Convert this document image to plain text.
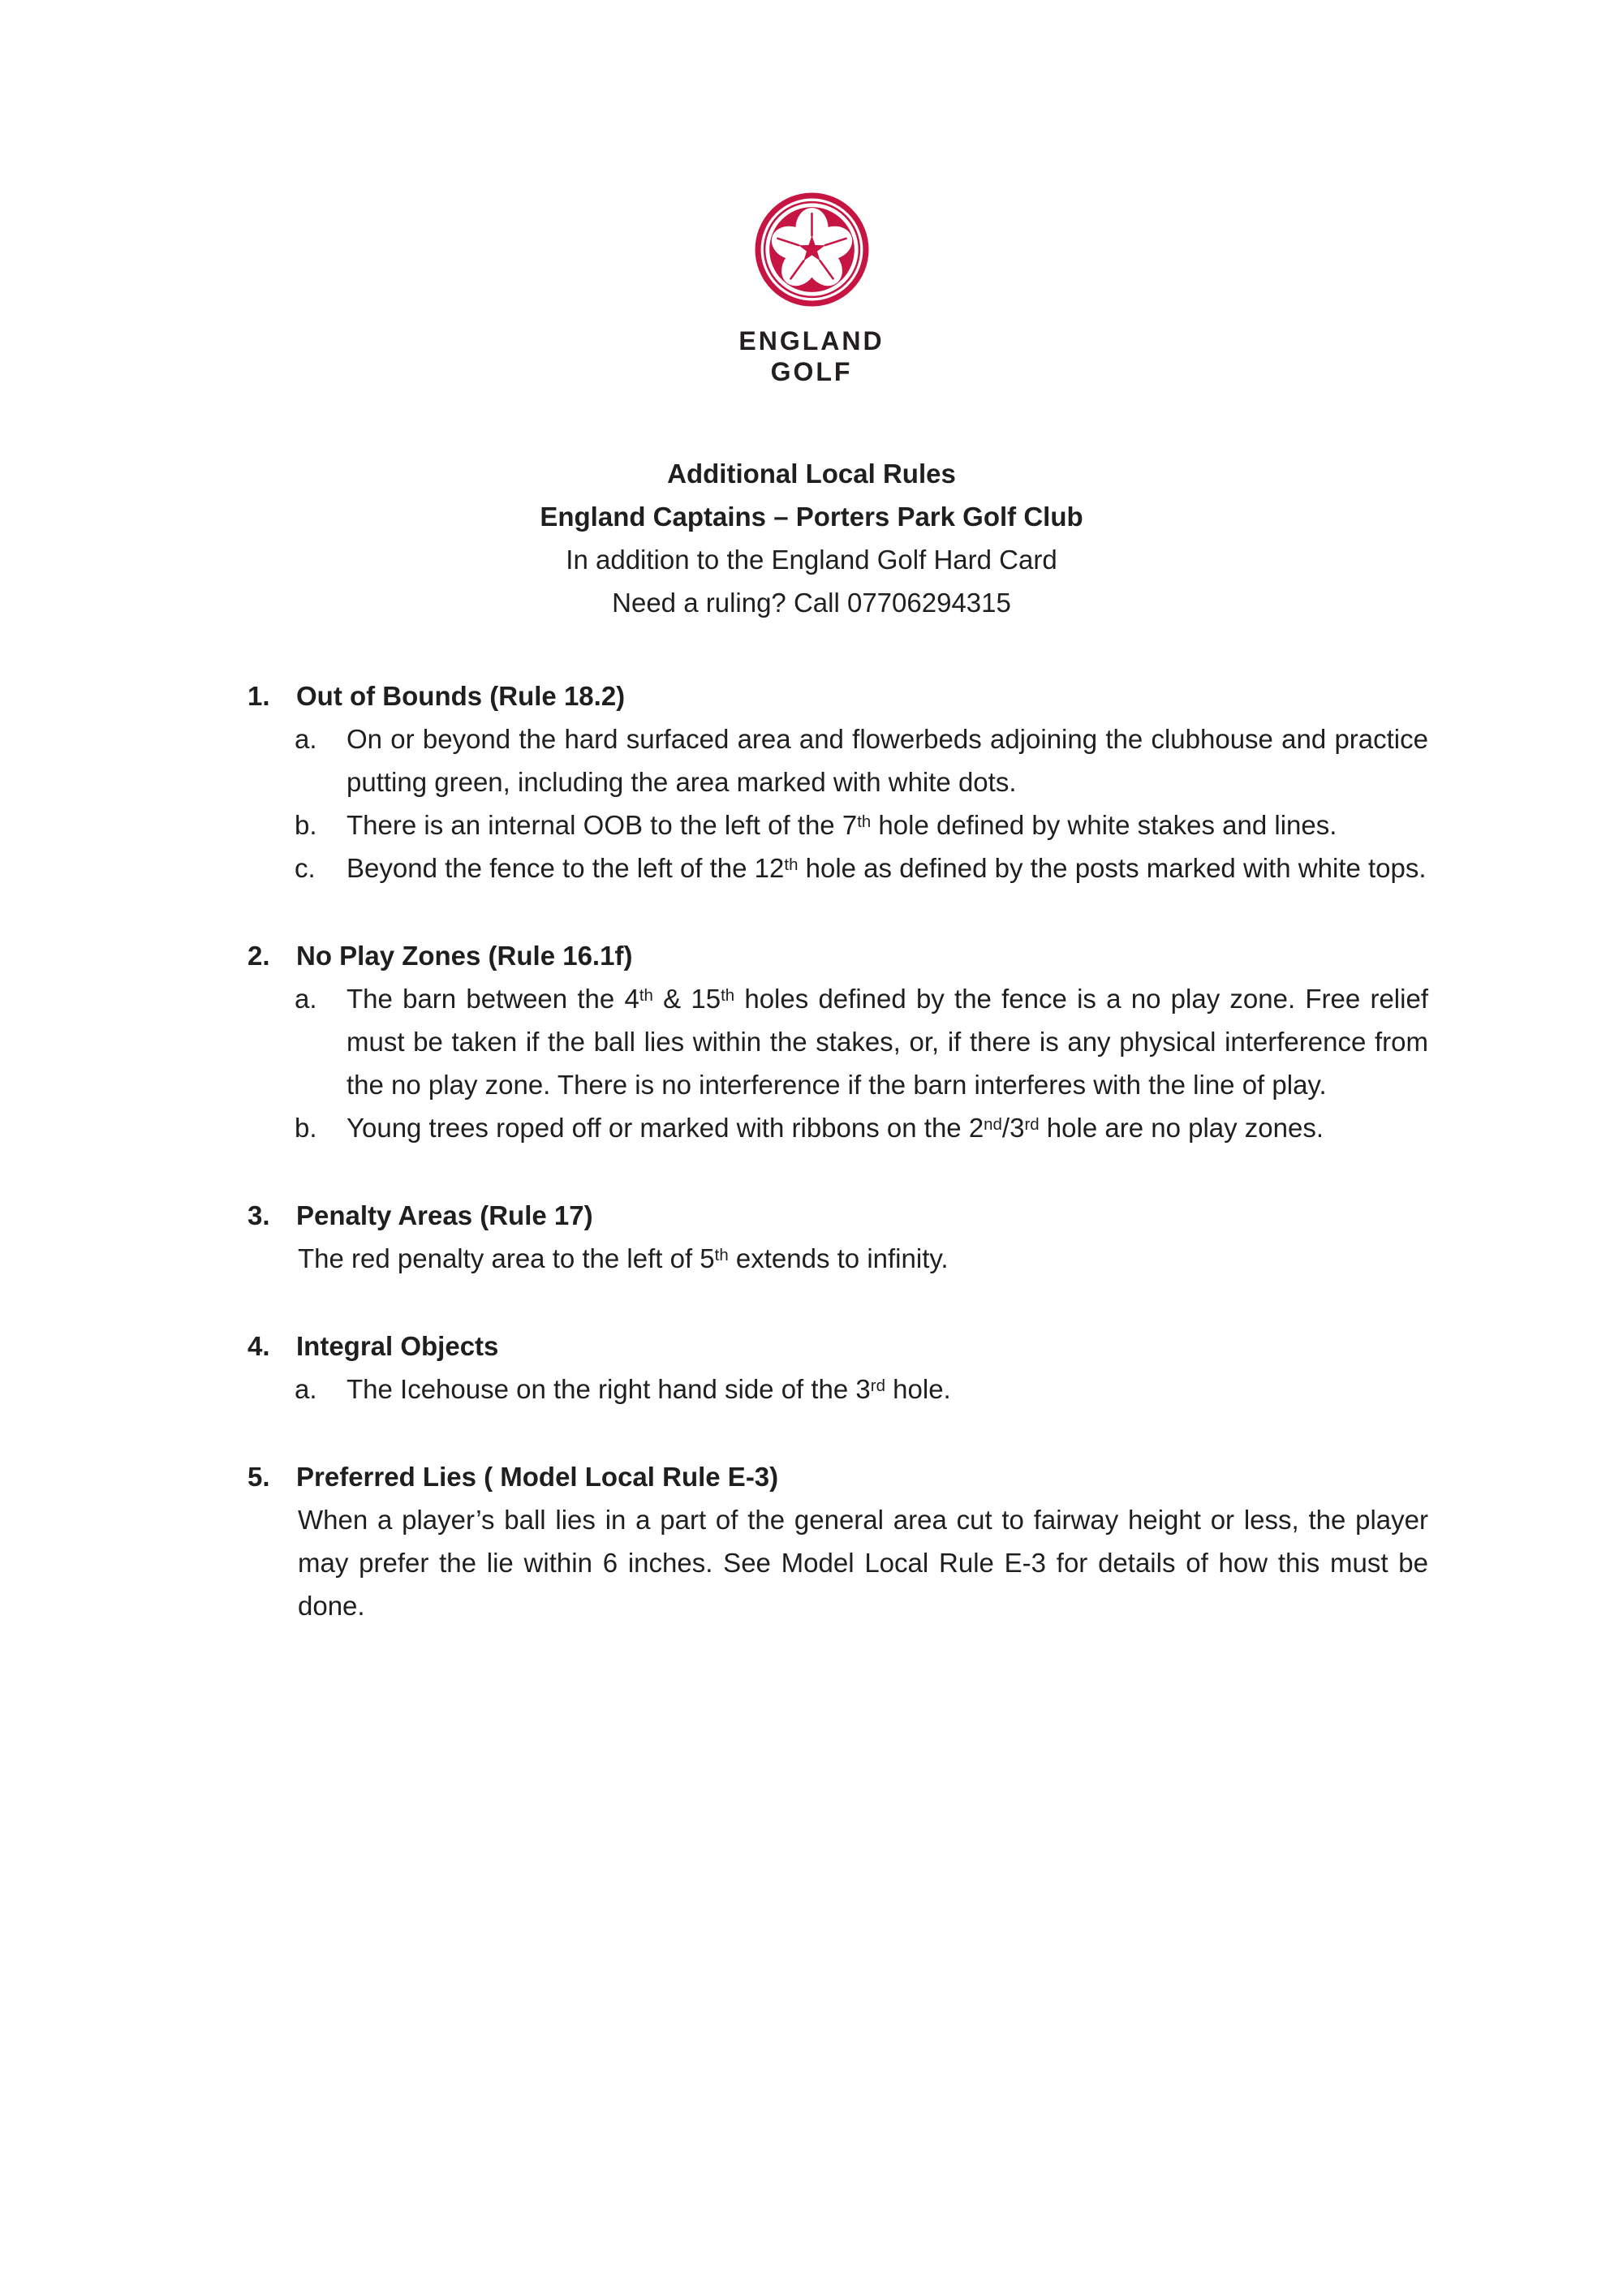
ENGLAND
GOLF
Additional Local Rules
England Captains – Porters Park Golf Club
In addition to the England Golf Hard Card
Need a ruling? Call 07706294315
1. Out of Bounds (Rule 18.2)
a.	On or beyond the hard surfaced area and flowerbeds adjoining the clubhouse and practice putting green, including the area marked with white dots.
b.	There is an internal OOB to the left of the 7th hole defined by white stakes and lines.
c.	Beyond the fence to the left of the 12th hole as defined by the posts marked with white tops.
2. No Play Zones (Rule 16.1f)
a.	The barn between the 4th & 15th holes defined by the fence is a no play zone. Free relief must be taken if the ball lies within the stakes, or, if there is any physical interference from the no play zone. There is no interference if the barn interferes with the line of play.
b.	Young trees roped off or marked with ribbons on the 2nd/3rd hole are no play zones.
3. Penalty Areas (Rule 17)
The red penalty area to the left of 5th extends to infinity.
4. Integral Objects
a.	The Icehouse on the right hand side of the 3rd hole.
5. Preferred Lies ( Model Local Rule E-3)
When a player’s ball lies in a part of the general area cut to fairway height or less, the player may prefer the lie within 6 inches. See Model Local Rule E-3 for details of how this must be done.
